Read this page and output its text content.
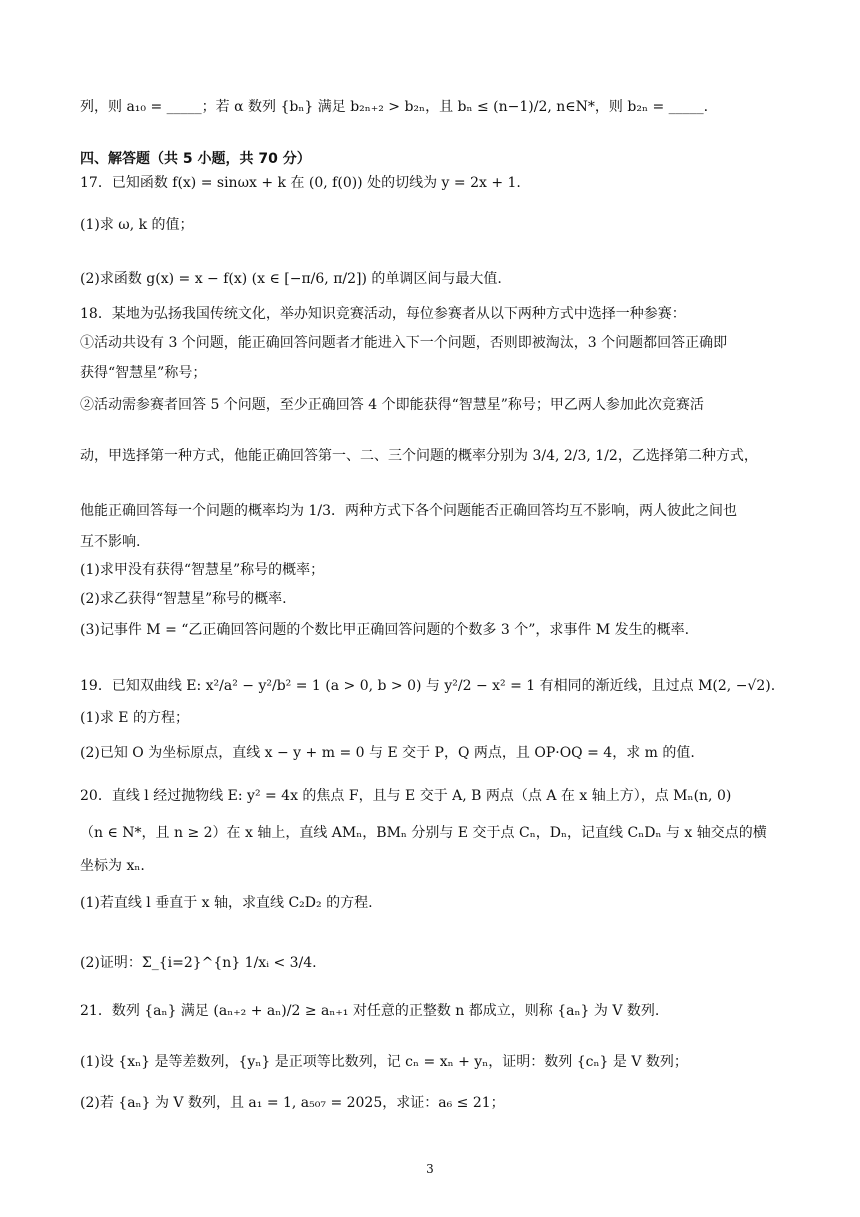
列，则 a₁₀ = _____；若 α 数列 {bₙ} 满足 b₂ₙ₊₂ > b₂ₙ，且 bₙ ≤ (n−1)/2, n∈N*，则 b₂ₙ = _____.
四、解答题（共 5 小题，共 70 分）
17．已知函数 f(x) = sinωx + k 在 (0, f(0)) 处的切线为 y = 2x + 1.
(1)求 ω, k 的值；
(2)求函数 g(x) = x − f(x) (x ∈ [−π/6, π/2]) 的单调区间与最大值.
18．某地为弘扬我国传统文化，举办知识竞赛活动，每位参赛者从以下两种方式中选择一种参赛：
①活动共设有 3 个问题，能正确回答问题者才能进入下一个问题，否则即被淘汰，3 个问题都回答正确即
获得“智慧星”称号；
②活动需参赛者回答 5 个问题，至少正确回答 4 个即能获得“智慧星”称号；甲乙两人参加此次竞赛活
动，甲选择第一种方式，他能正确回答第一、二、三个问题的概率分别为 3/4, 2/3, 1/2，乙选择第二种方式，
他能正确回答每一个问题的概率均为 1/3．两种方式下各个问题能否正确回答均互不影响，两人彼此之间也
互不影响.
(1)求甲没有获得“智慧星”称号的概率；
(2)求乙获得“智慧星”称号的概率.
(3)记事件 M = “乙正确回答问题的个数比甲正确回答问题的个数多 3 个”，求事件 M 发生的概率.
19．已知双曲线 E: x²/a² − y²/b² = 1 (a > 0, b > 0) 与 y²/2 − x² = 1 有相同的渐近线，且过点 M(2, −√2).
(1)求 E 的方程；
(2)已知 O 为坐标原点，直线 x − y + m = 0 与 E 交于 P，Q 两点，且 OP·OQ = 4，求 m 的值.
20．直线 l 经过抛物线 E: y² = 4x 的焦点 F，且与 E 交于 A, B 两点（点 A 在 x 轴上方），点 Mₙ(n, 0)
（n ∈ N*，且 n ≥ 2）在 x 轴上，直线 AMₙ，BMₙ 分别与 E 交于点 Cₙ，Dₙ，记直线 CₙDₙ 与 x 轴交点的横
坐标为 xₙ.
(1)若直线 l 垂直于 x 轴，求直线 C₂D₂ 的方程.
(2)证明：Σ_{i=2}^{n} 1/xᵢ < 3/4.
21．数列 {aₙ} 满足 (aₙ₊₂ + aₙ)/2 ≥ aₙ₊₁ 对任意的正整数 n 都成立，则称 {aₙ} 为 V 数列.
(1)设 {xₙ} 是等差数列，{yₙ} 是正项等比数列，记 cₙ = xₙ + yₙ，证明：数列 {cₙ} 是 V 数列；
(2)若 {aₙ} 为 V 数列，且 a₁ = 1, a₅₀₇ = 2025，求证：a₆ ≤ 21；
3
